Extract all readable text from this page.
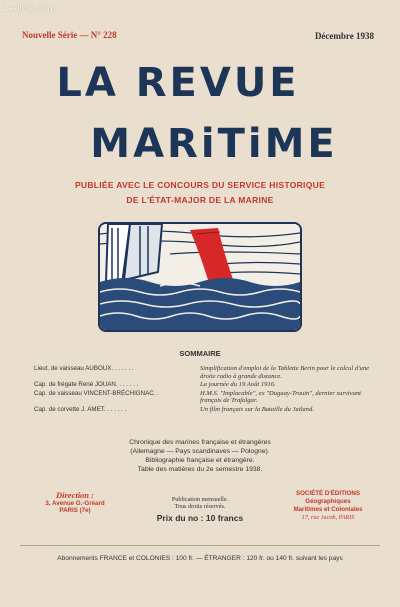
Le-livre.com
Nouvelle Série — N° 228	Décembre 1938
LA REVUE
MARiTiME
PUBLIÉE AVEC LE CONCOURS DU SERVICE HISTORIQUE
DE L'ÉTAT-MAJOR DE LA MARINE
SOMMAIRE
Lieut. de vaisseau AUBOUX. . . . . . .	Simplification d'emploi de la Tablette Berin pour le calcul d'une droite radio à grande distance.
Cap. de frégate René JOUAN. . . . . . .	La journée du 19 Août 1916.
Cap. de vaisseau VINCENT-BRÉCHIGNAC. .	H.M.S. "Implacable", ex "Duguay-Trouin", dernier survivant français de Trafalgar.
Cap. de corvette J. AMET. . . . . . .	Un film français sur la Bataille du Jutland.
Chronique des marines française et étrangères
(Allemagne — Pays scandinaves — Pologne).
Bibliographie française et étrangère.
Table des matières du 2e semestre 1938.
Direction :
3, Avenue O.-Gréard
PARIS (7e)
Publication mensuelle.
Tous droits réservés.
Prix du no : 10 francs
SOCIÉTÉ D'ÉDITIONS
Géographiques
Maritimes et Coloniales
17, rue Jacob, PARIS
Abonnements FRANCE et COLONIES : 100 fr. — ÉTRANGER : 120 fr. ou 140 fr. suivant les pays
